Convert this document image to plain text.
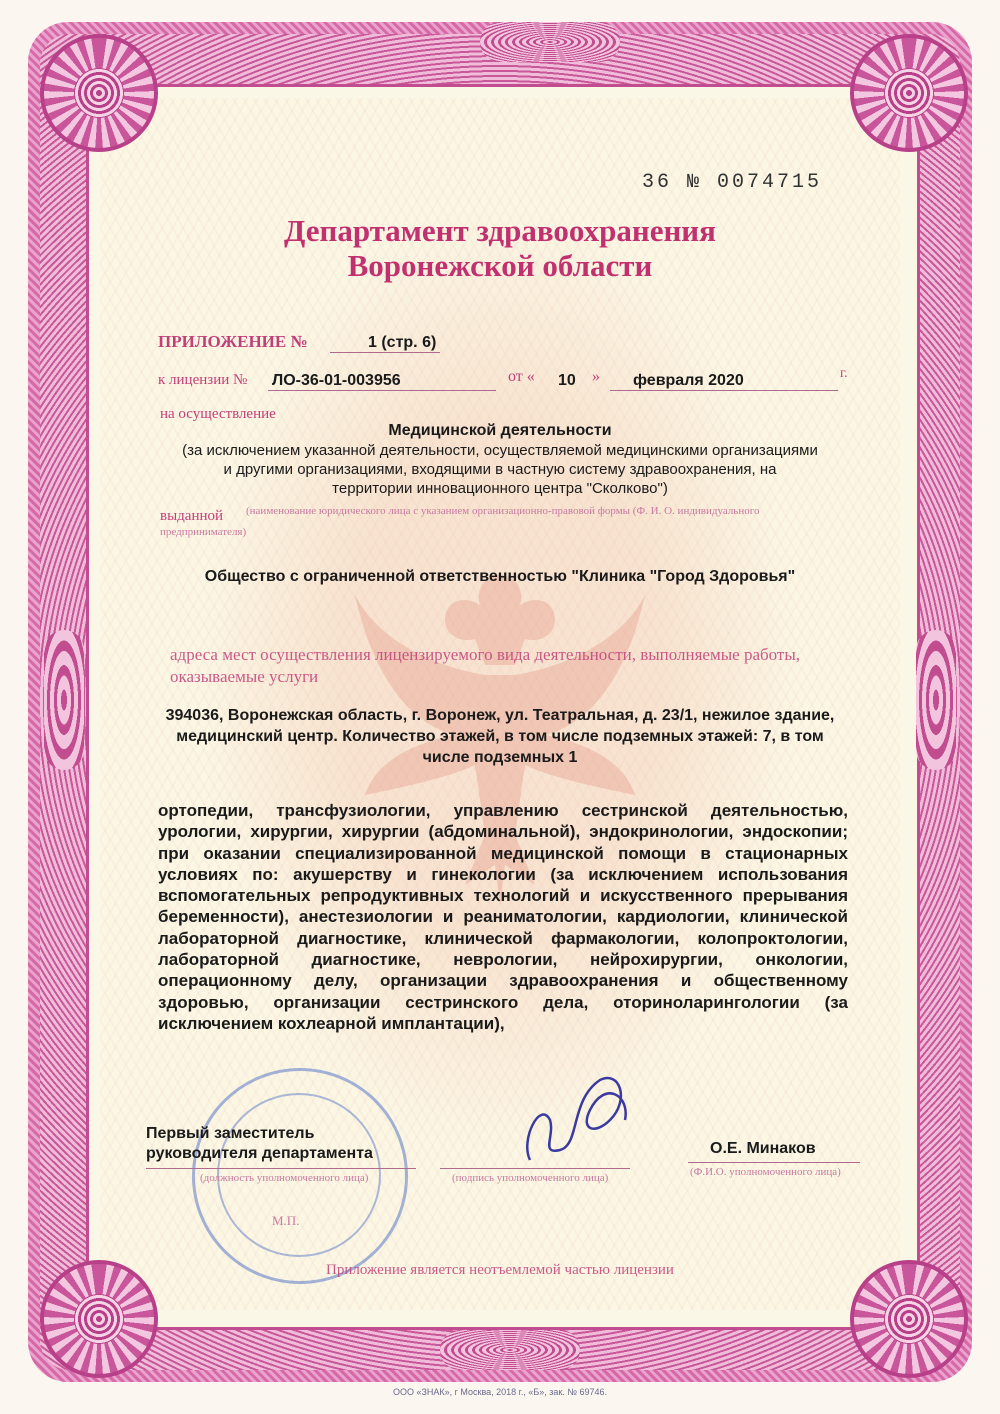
36 № 0074715
Департамент здравоохранения
Воронежской области
ПРИЛОЖЕНИЕ №	1 (стр. 6)
к лицензии № ЛО-36-01-003956	от « 10 » февраля 2020	г.
на осуществление
Медицинской деятельности
(за исключением указанной деятельности, осуществляемой медицинскими организациями
и другими организациями, входящими в частную систему здравоохранения, на
территории инновационного центра "Сколково")
выданной (наименование юридического лица с указанием организационно-правовой формы (Ф. И. О. индивидуального
предпринимателя)
Общество с ограниченной ответственностью "Клиника "Город Здоровья"
адреса мест осуществления лицензируемого вида деятельности, выполняемые работы,
оказываемые услуги
394036, Воронежская область, г. Воронеж, ул. Театральная, д. 23/1, нежилое здание,
медицинский центр. Количество этажей, в том числе подземных этажей: 7, в том
числе подземных 1
ортопедии, трансфузиологии, управлению сестринской деятельностью, урологии, хирургии, хирургии (абдоминальной), эндокринологии, эндоскопии; при оказании специализированной медицинской помощи в стационарных условиях по: акушерству и гинекологии (за исключением использования вспомогательных репродуктивных технологий и искусственного прерывания беременности), анестезиологии и реаниматологии, кардиологии, клинической лабораторной диагностике, клинической фармакологии, колопроктологии, лабораторной диагностике, неврологии, нейрохирургии, онкологии, операционному делу, организации здравоохранения и общественному здоровью, организации сестринского дела, оториноларингологии (за исключением кохлеарной имплантации),
Первый заместитель
руководителя департамента
(должность уполномоченного лица)	(подпись уполномоченного лица)
О.Е. Минаков
(Ф.И.О. уполномоченного лица)
М.П.
Приложение является неотъемлемой частью лицензии
ООО «ЗНАК», г Москва, 2018 г., «Б», зак. № 69746.
